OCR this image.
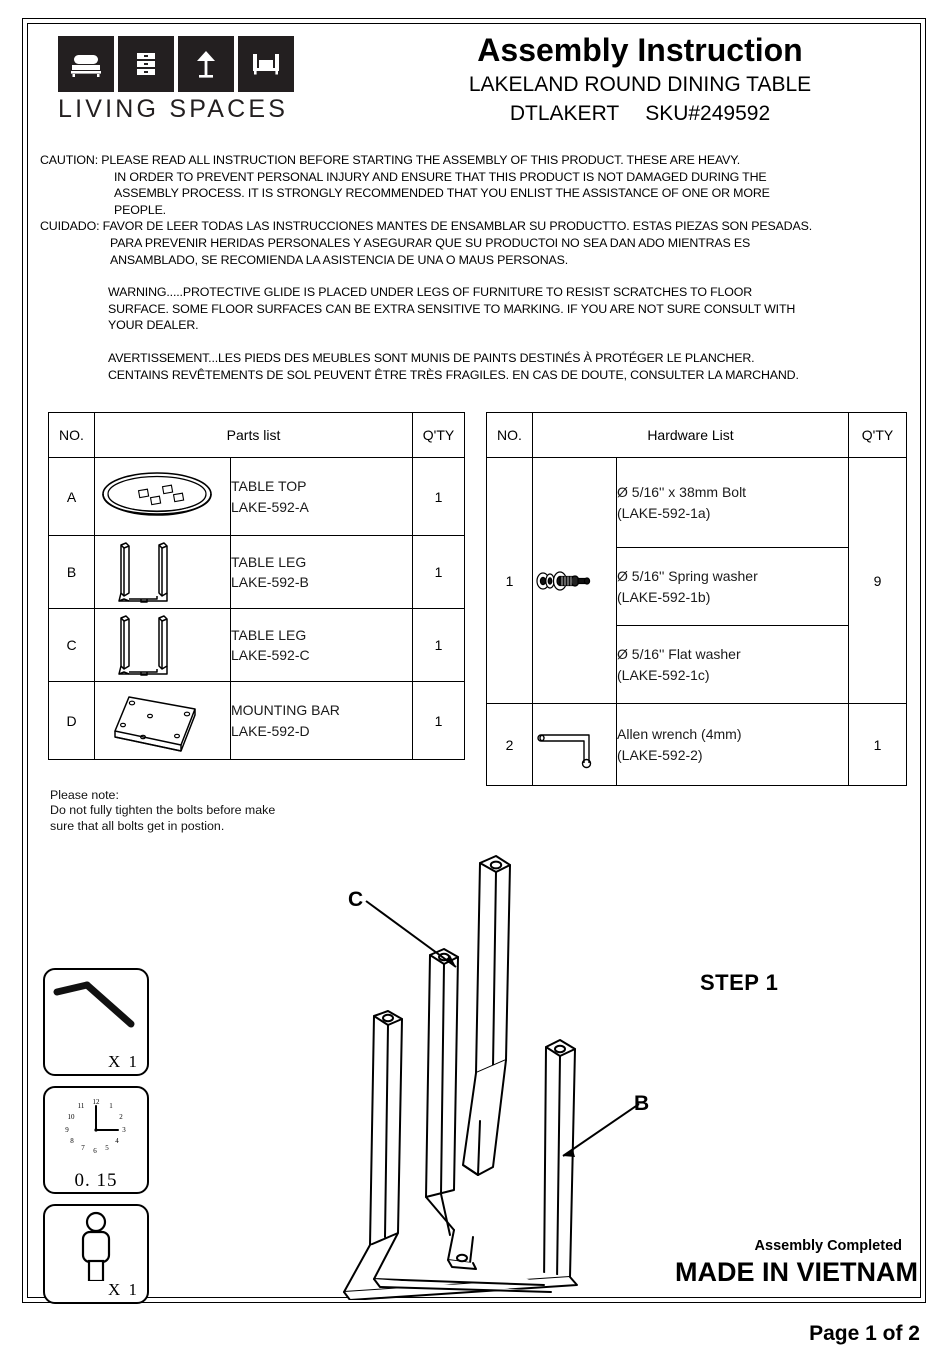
LIVING SPACES
Assembly Instruction
LAKELAND ROUND DINING TABLE
DTLAKERT SKU#249592
CAUTION: PLEASE READ ALL INSTRUCTION BEFORE STARTING THE ASSEMBLY OF THIS PRODUCT. THESE ARE HEAVY.
IN ORDER TO PREVENT PERSONAL INJURY AND ENSURE THAT THIS PRODUCT IS NOT DAMAGED DURING THE
ASSEMBLY PROCESS. IT IS STRONGLY RECOMMENDED THAT YOU ENLIST THE ASSISTANCE OF ONE OR MORE
PEOPLE.
CUIDADO: FAVOR DE LEER TODAS LAS INSTRUCCIONES MANTES DE ENSAMBLAR SU PRODUCTTO. ESTAS PIEZAS SON PESADAS.
PARA PREVENIR HERIDAS PERSONALES Y ASEGURAR QUE SU PRODUCTOI NO SEA DAN ADO MIENTRAS ES
ANSAMBLADO, SE RECOMIENDA LA ASISTENCIA DE UNA O MAUS PERSONAS.
WARNING.....PROTECTIVE GLIDE IS PLACED UNDER LEGS OF FURNITURE TO RESIST SCRATCHES TO FLOOR
SURFACE. SOME FLOOR SURFACES CAN BE EXTRA SENSITIVE TO MARKING. IF YOU ARE NOT SURE CONSULT WITH
YOUR DEALER.
AVERTISSEMENT...LES PIEDS DES MEUBLES SONT MUNIS DE PAINTS DESTINÉS À PROTÉGER LE PLANCHER.
CENTAINS REVÊTEMENTS DE SOL PEUVENT ÊTRE TRÈS FRAGILES. EN CAS DE DOUTE, CONSULTER LA MARCHAND.
NO.	Parts list		Q'TY
A		TABLE TOP
LAKE-592-A	1
B		TABLE LEG
LAKE-592-B	1
C		TABLE LEG
LAKE-592-C	1
D		MOUNTING BAR
LAKE-592-D	1
NO.	Hardware List		Q'TY
1		Ø 5/16'' x 38mm Bolt
(LAKE-592-1a)	9

		Ø 5/16'' Spring washer
(LAKE-592-1b)	

		Ø 5/16'' Flat washer
(LAKE-592-1c)	

2		Allen wrench (4mm)
(LAKE-592-2)	1
Please note:
Do not fully tighten the bolts before make
sure that all bolts get in postion.
X 1
12 1
2
3
4
5
6
7
8
9
10
11
0. 15
X 1
C
B
STEP 1
Assembly Completed
MADE IN VIETNAM
Page 1 of 2
